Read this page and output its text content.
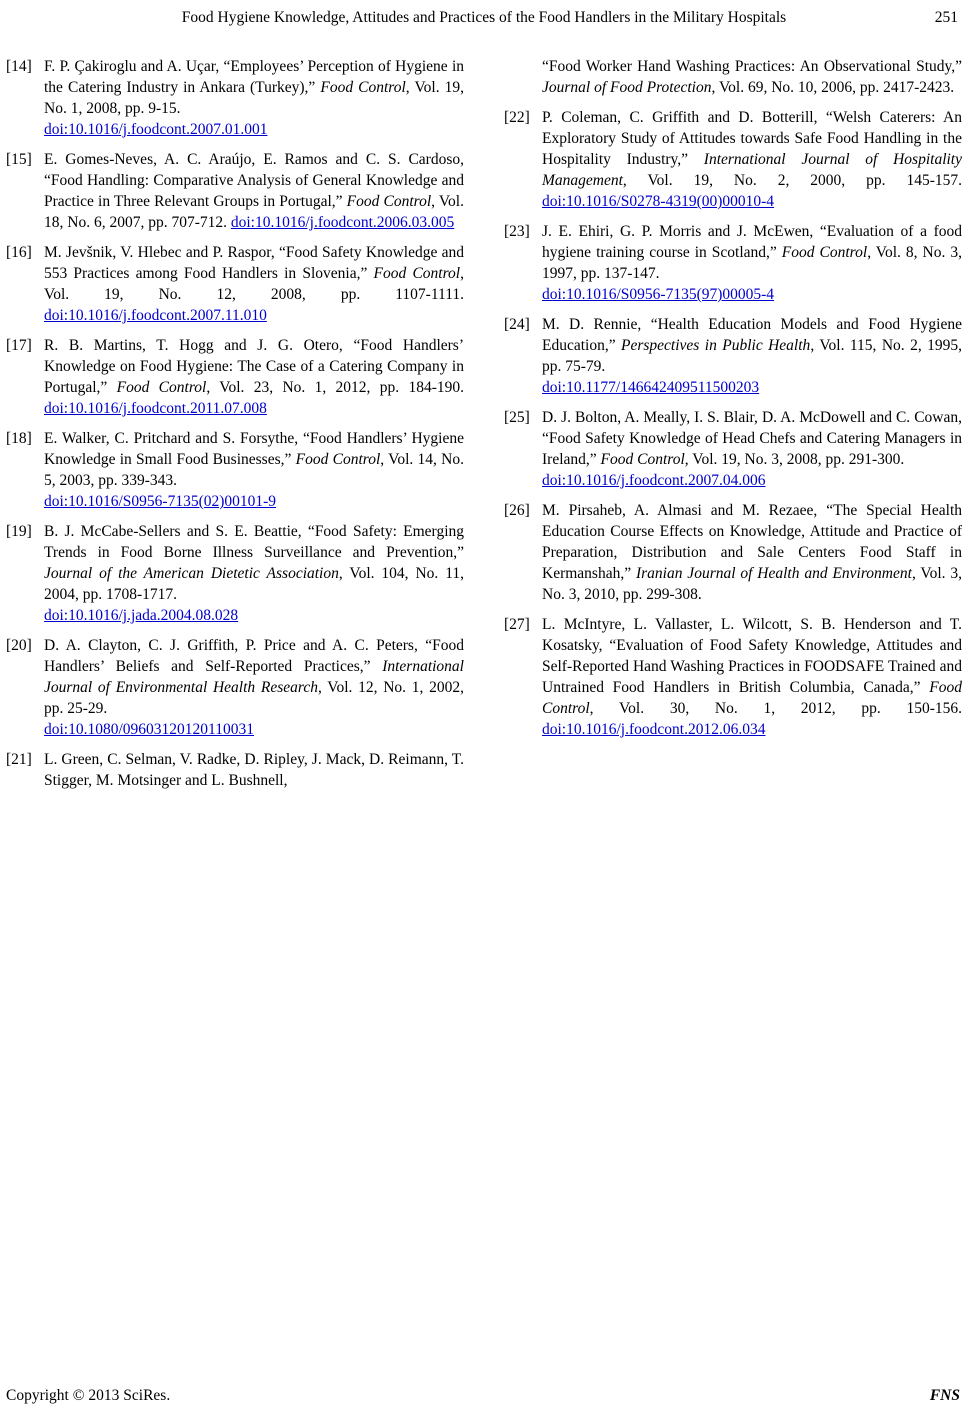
Food Hygiene Knowledge, Attitudes and Practices of the Food Handlers in the Military Hospitals	251
[14] F. P. Çakiroglu and A. Uçar, “Employees’ Perception of Hygiene in the Catering Industry in Ankara (Turkey),” Food Control, Vol. 19, No. 1, 2008, pp. 9-15.
doi:10.1016/j.foodcont.2007.01.001
[15] E. Gomes-Neves, A. C. Araújo, E. Ramos and C. S. Cardoso, “Food Handling: Comparative Analysis of General Knowledge and Practice in Three Relevant Groups in Portugal,” Food Control, Vol. 18, No. 6, 2007, pp. 707-712. doi:10.1016/j.foodcont.2006.03.005
[16] M. Jevšnik, V. Hlebec and P. Raspor, “Food Safety Knowledge and 553 Practices among Food Handlers in Slovenia,” Food Control, Vol. 19, No. 12, 2008, pp. 1107-1111. doi:10.1016/j.foodcont.2007.11.010
[17] R. B. Martins, T. Hogg and J. G. Otero, “Food Handlers’ Knowledge on Food Hygiene: The Case of a Catering Company in Portugal,” Food Control, Vol. 23, No. 1, 2012, pp. 184-190. doi:10.1016/j.foodcont.2011.07.008
[18] E. Walker, C. Pritchard and S. Forsythe, “Food Handlers’ Hygiene Knowledge in Small Food Businesses,” Food Control, Vol. 14, No. 5, 2003, pp. 339-343.
doi:10.1016/S0956-7135(02)00101-9
[19] B. J. McCabe-Sellers and S. E. Beattie, “Food Safety: Emerging Trends in Food Borne Illness Surveillance and Prevention,” Journal of the American Dietetic Association, Vol. 104, No. 11, 2004, pp. 1708-1717.
doi:10.1016/j.jada.2004.08.028
[20] D. A. Clayton, C. J. Griffith, P. Price and A. C. Peters, “Food Handlers’ Beliefs and Self-Reported Practices,” International Journal of Environmental Health Research, Vol. 12, No. 1, 2002, pp. 25-29.
doi:10.1080/09603120120110031
[21] L. Green, C. Selman, V. Radke, D. Ripley, J. Mack, D. Reimann, T. Stigger, M. Motsinger and L. Bushnell,
“Food Worker Hand Washing Practices: An Observational Study,” Journal of Food Protection, Vol. 69, No. 10, 2006, pp. 2417-2423.
[22] P. Coleman, C. Griffith and D. Botterill, “Welsh Caterers: An Exploratory Study of Attitudes towards Safe Food Handling in the Hospitality Industry,” International Journal of Hospitality Management, Vol. 19, No. 2, 2000, pp. 145-157. doi:10.1016/S0278-4319(00)00010-4
[23] J. E. Ehiri, G. P. Morris and J. McEwen, “Evaluation of a food hygiene training course in Scotland,” Food Control, Vol. 8, No. 3, 1997, pp. 137-147.
doi:10.1016/S0956-7135(97)00005-4
[24] M. D. Rennie, “Health Education Models and Food Hygiene Education,” Perspectives in Public Health, Vol. 115, No. 2, 1995, pp. 75-79.
doi:10.1177/146642409511500203
[25] D. J. Bolton, A. Meally, I. S. Blair, D. A. McDowell and C. Cowan, “Food Safety Knowledge of Head Chefs and Catering Managers in Ireland,” Food Control, Vol. 19, No. 3, 2008, pp. 291-300.
doi:10.1016/j.foodcont.2007.04.006
[26] M. Pirsaheb, A. Almasi and M. Rezaee, “The Special Health Education Course Effects on Knowledge, Attitude and Practice of Preparation, Distribution and Sale Centers Food Staff in Kermanshah,” Iranian Journal of Health and Environment, Vol. 3, No. 3, 2010, pp. 299-308.
[27] L. McIntyre, L. Vallaster, L. Wilcott, S. B. Henderson and T. Kosatsky, “Evaluation of Food Safety Knowledge, Attitudes and Self-Reported Hand Washing Practices in FOODSAFE Trained and Untrained Food Handlers in British Columbia, Canada,” Food Control, Vol. 30, No. 1, 2012, pp. 150-156. doi:10.1016/j.foodcont.2012.06.034
Copyright © 2013 SciRes.	FNS
